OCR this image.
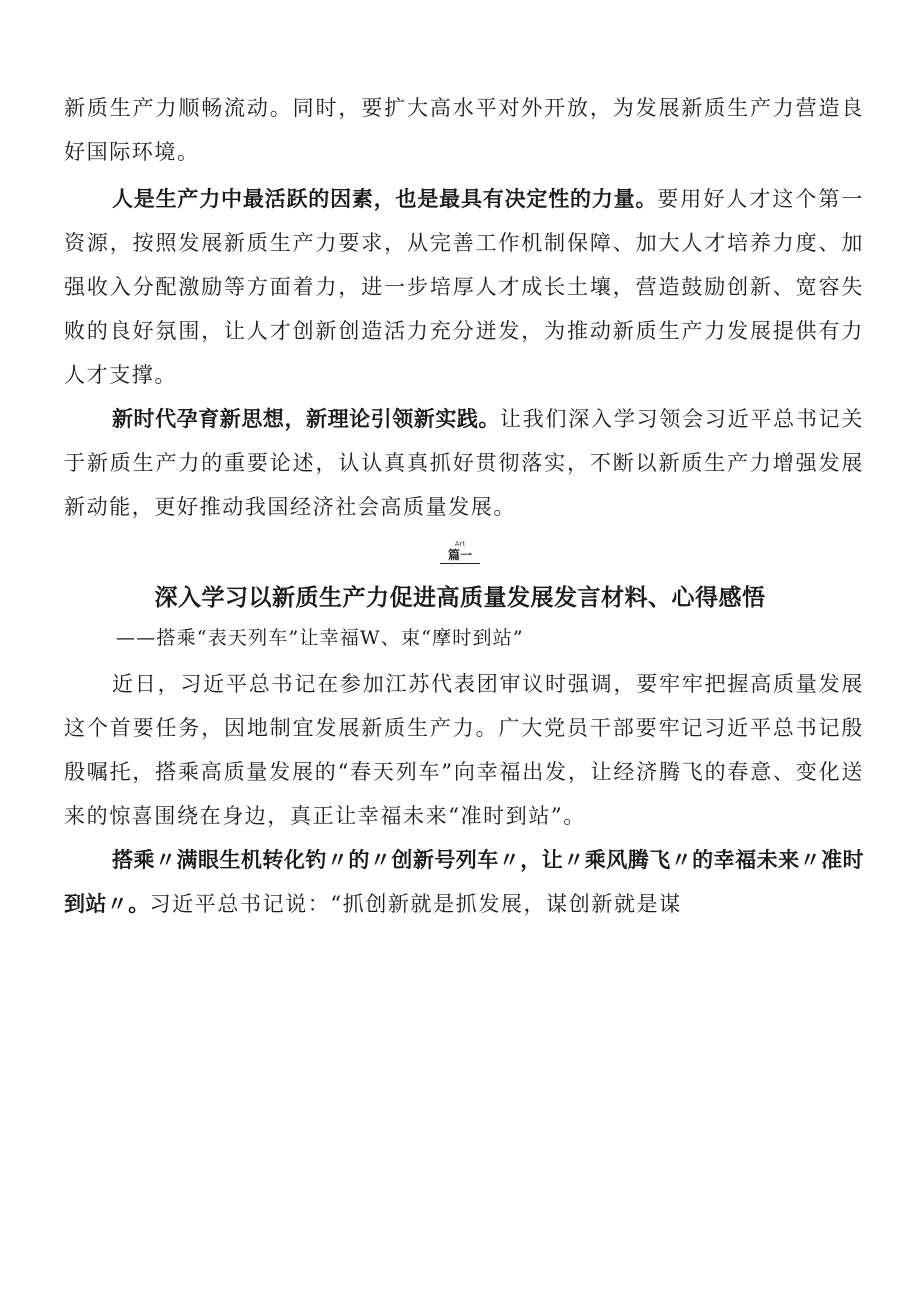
新质生产力顺畅流动。同时，要扩大高水平对外开放，为发展新质生产力营造良好国际环境。

人是生产力中最活跃的因素，也是最具有决定性的力量。要用好人才这个第一资源，按照发展新质生产力要求，从完善工作机制保障、加大人才培养力度、加强收入分配激励等方面着力，进一步培厚人才成长土壤，营造鼓励创新、宽容失败的良好氛围，让人才创新创造活力充分迸发，为推动新质生产力发展提供有力人才支撑。

新时代孕育新思想，新理论引领新实践。让我们深入学习领会习近平总书记关于新质生产力的重要论述，认认真真抓好贯彻落实，不断以新质生产力增强发展新动能，更好推动我国经济社会高质量发展。

Art
篇一
深入学习以新质生产力促进高质量发展发言材料、心得感悟

——搭乘“表天列车”让幸福W、束“摩时到站”

近日，习近平总书记在参加江苏代表团审议时强调，要牢牢把握高质量发展这个首要任务，因地制宜发展新质生产力。广大党员干部要牢记习近平总书记殷殷嘱托，搭乘高质量发展的“春天列车”向幸福出发，让经济腾飞的春意、变化送来的惊喜围绕在身边，真正让幸福未来“准时到站”。

搭乘〃满眼生机转化钓〃的〃创新号列车〃，让〃乘风腾飞〃的幸福未来〃准时到站〃。习近平总书记说：“抓创新就是抓发展，谋创新就是谋
